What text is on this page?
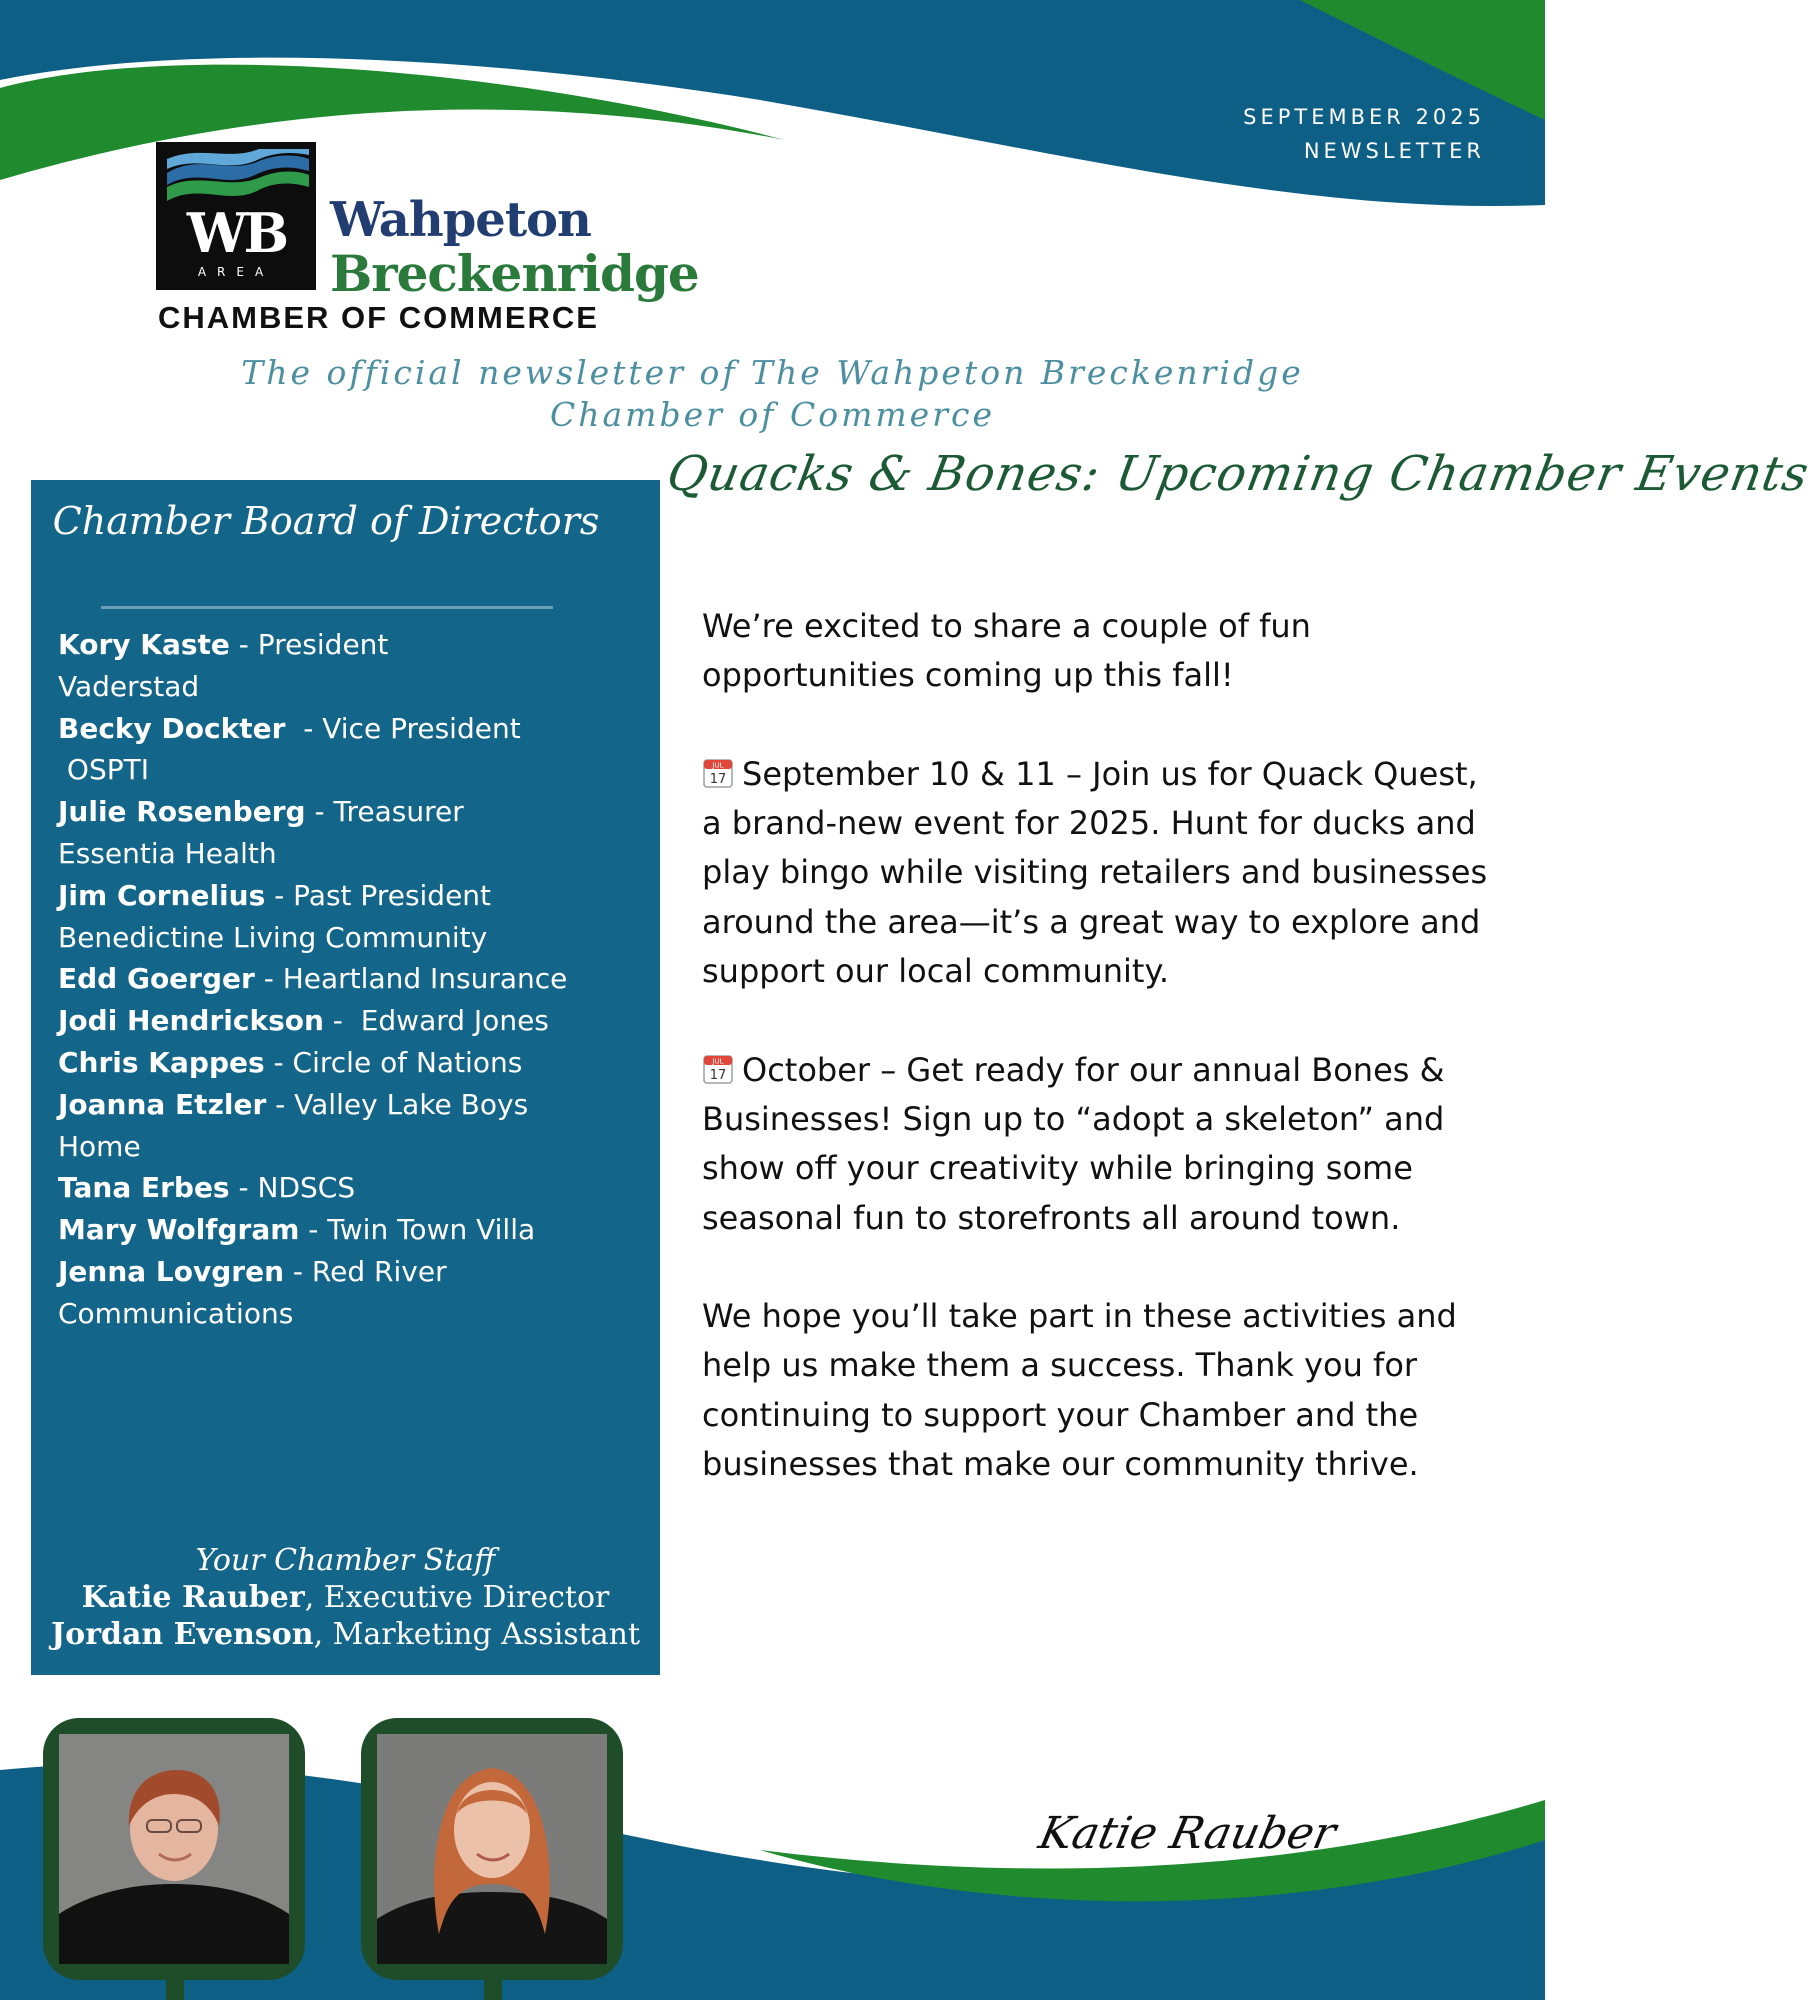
SEPTEMBER 2025
NEWSLETTER
WB
AREA
Wahpeton
Breckenridge
CHAMBER OF COMMERCE
The official newsletter of The Wahpeton Breckenridge Chamber of Commerce
Quacks & Bones: Upcoming Chamber Events
Chamber Board of Directors
Kory Kaste - President
Vaderstad
Becky Dockter  - Vice President
OSPTI
Julie Rosenberg - Treasurer
Essentia Health
Jim Cornelius - Past President
Benedictine Living Community
Edd Goerger - Heartland Insurance
Jodi Hendrickson -  Edward Jones
Chris Kappes - Circle of Nations
Joanna Etzler - Valley Lake Boys
Home
Tana Erbes - NDSCS
Mary Wolfgram - Twin Town Villa
Jenna Lovgren - Red River
Communications
Your Chamber Staff
Katie Rauber, Executive Director
Jordan Evenson, Marketing Assistant

We’re excited to share a couple of fun opportunities coming up this fall!

JUL
17 September 10 & 11 – Join us for Quack Quest, a brand-new event for 2025. Hunt for ducks and play bingo while visiting retailers and businesses around the area—it’s a great way to explore and support our local community.

JUL
17 October – Get ready for our annual Bones & Businesses! Sign up to “adopt a skeleton” and show off your creativity while bringing some seasonal fun to storefronts all around town.

We hope you’ll take part in these activities and help us make them a success. Thank you for continuing to support your Chamber and the businesses that make our community thrive.

Katie Rauber
